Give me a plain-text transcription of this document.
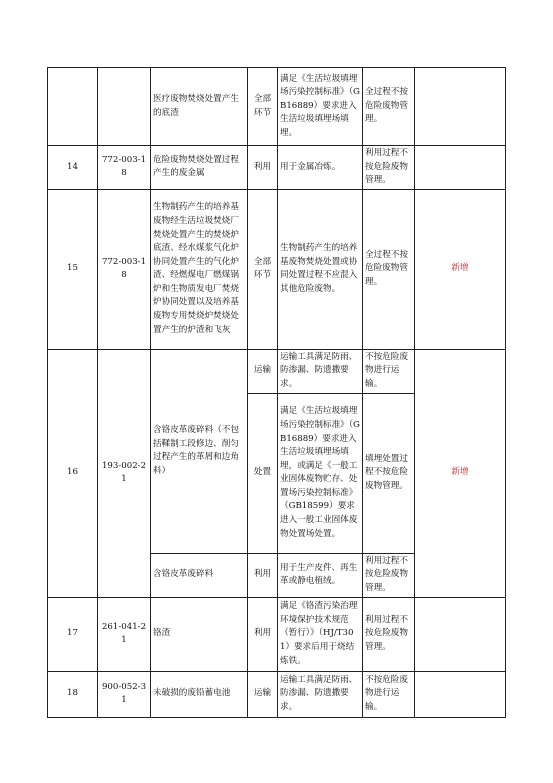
		医疗废物焚烧处置产生的底渣	全部环节	满足《生活垃圾填埋场污染控制标准》（GB16889）要求进入生活垃圾填埋场填埋。	全过程不按危险废物管理。	
14	772-003-18	危险废物焚烧处置过程产生的废金属	利用	用于金属冶炼。	利用过程不按危险废物管理。	
15	772-003-18	生物制药产生的培养基废物经生活垃圾焚烧厂焚烧处置产生的焚烧炉底渣、经水煤浆气化炉协同处置产生的气化炉渣、经燃煤电厂燃煤锅炉和生物质发电厂焚烧炉协同处置以及培养基废物专用焚烧炉焚烧处置产生的炉渣和飞灰	全部环节	生物制药产生的培养基废物焚烧处置或协同处置过程不应混入其他危险废物。	全过程不按危险废物管理。	新增
16	193-002-21	含铬皮革废碎料（不包括鞣制工段修边、削匀过程产生的革屑和边角料）	运输	运输工具满足防雨、防渗漏、防遗撒要求。	不按危险废物进行运输。	新增
			处置	满足《生活垃圾填埋场污染控制标准》（GB16889）要求进入生活垃圾填埋场填埋，或满足《一般工业固体废物贮存、处置场污染控制标准》（GB18599）要求进入一般工业固体废物处置场处置。	填埋处置过程不按危险废物管理。	
		含铬皮革废碎料	利用	用于生产皮件、再生革或静电植绒。	利用过程不按危险废物管理。	
17	261-041-21	铬渣	利用	满足《铬渣污染治理环境保护技术规范（暂行）》（HJ/T301）要求后用于烧结炼铁。	利用过程不按危险废物管理。	
18	900-052-31	未破损的废铅蓄电池	运输	运输工具满足防雨、防渗漏、防遗撒要求。	不按危险废物进行运输。	
